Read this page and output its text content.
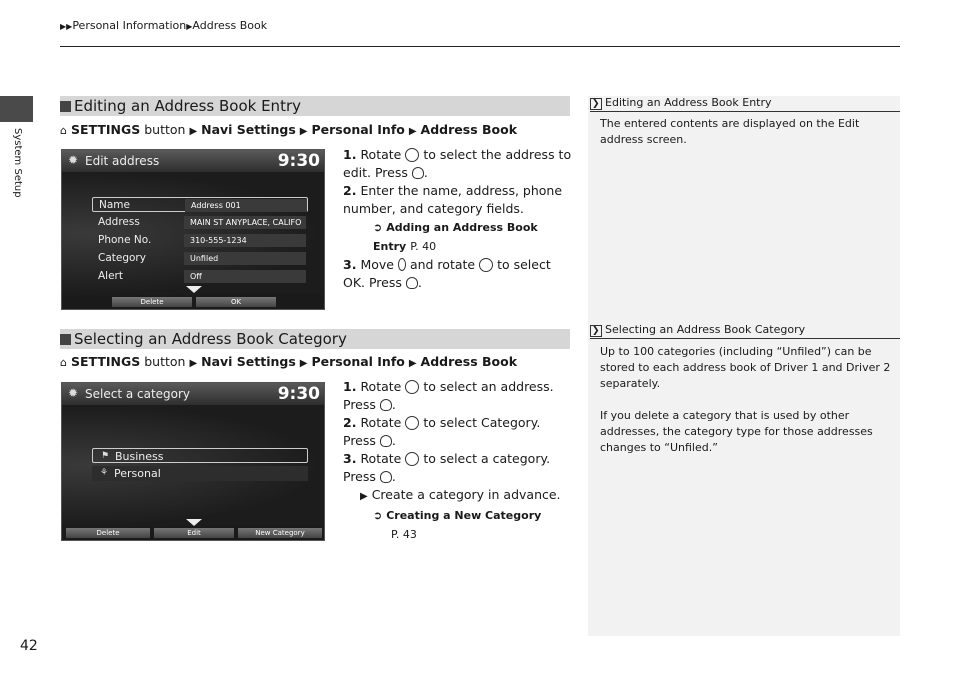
▶▶Personal Information▶Address Book
System Setup
❯ Editing an Address Book Entry
The entered contents are displayed on the Edit address screen.
❯ Selecting an Address Book Category
Up to 100 categories (including “Unfiled”) can be stored to each address book of Driver 1 and Driver 2 separately.
If you delete a category that is used by other addresses, the category type for those addresses changes to “Unfiled.”
Editing an Address Book Entry
⌂ SETTINGS button ▶ Navi Settings ▶ Personal Info ▶ Address Book
✹ Edit address	9:30
Name	Address 001
Address	MAIN ST ANYPLACE, CALIFO
Phone No.	310-555-1234
Category	Unfiled
Alert	Off
Delete	OK
1. Rotate to select the address to edit. Press .
2. Enter the name, address, phone number, and category fields.
➲ Adding an Address Book Entry P. 40
3. Move and rotate to select OK. Press .
Selecting an Address Book Category
⌂ SETTINGS button ▶ Navi Settings ▶ Personal Info ▶ Address Book
✹ Select a category	9:30
⚑ Business
⚘ Personal
Delete	Edit	New Category
1. Rotate to select an address. Press .
2. Rotate to select Category. Press .
3. Rotate to select a category. Press .
▶ Create a category in advance.
➲ Creating a New Category
P. 43
42
